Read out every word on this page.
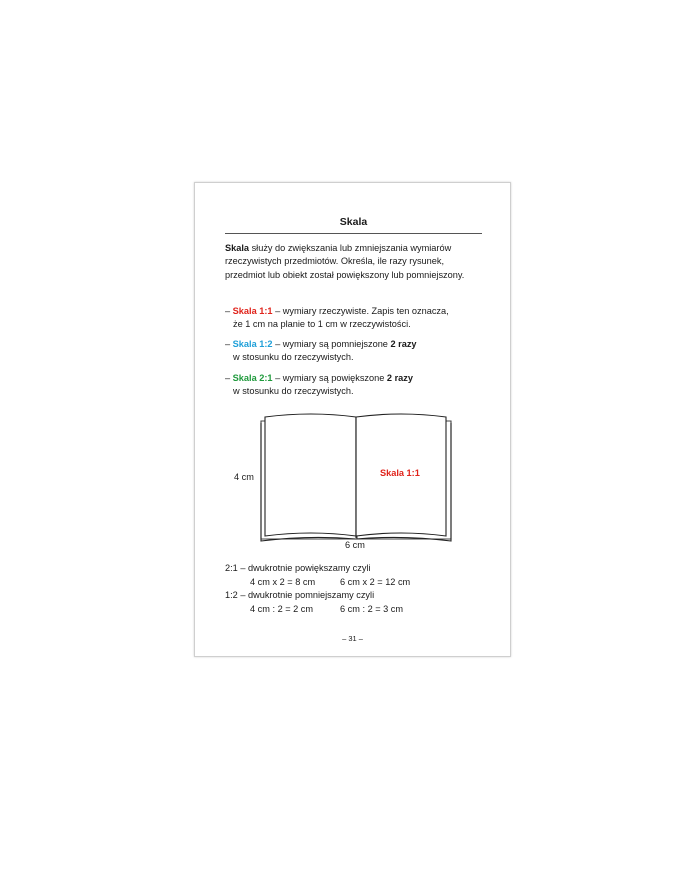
Skala
Skala służy do zwiększania lub zmniejszania wymiarów rzeczywistych przedmiotów. Określa, ile razy rysunek, przedmiot lub obiekt został powiększony lub pomniejszony.
– Skala 1:1 – wymiary rzeczywiste. Zapis ten oznacza,
że 1 cm na planie to 1 cm w rzeczywistości.
– Skala 1:2 – wymiary są pomniejszone 2 razy
w stosunku do rzeczywistych.
– Skala 2:1 – wymiary są powiększone 2 razy
w stosunku do rzeczywistych.
4 cm	Skala 1:1
6 cm
2:1 – dwukrotnie powiększamy czyli
4 cm x 2 = 8 cm	6 cm x 2 = 12 cm
1:2 – dwukrotnie pomniejszamy czyli
4 cm : 2 = 2 cm	6 cm : 2 = 3 cm
– 31 –
